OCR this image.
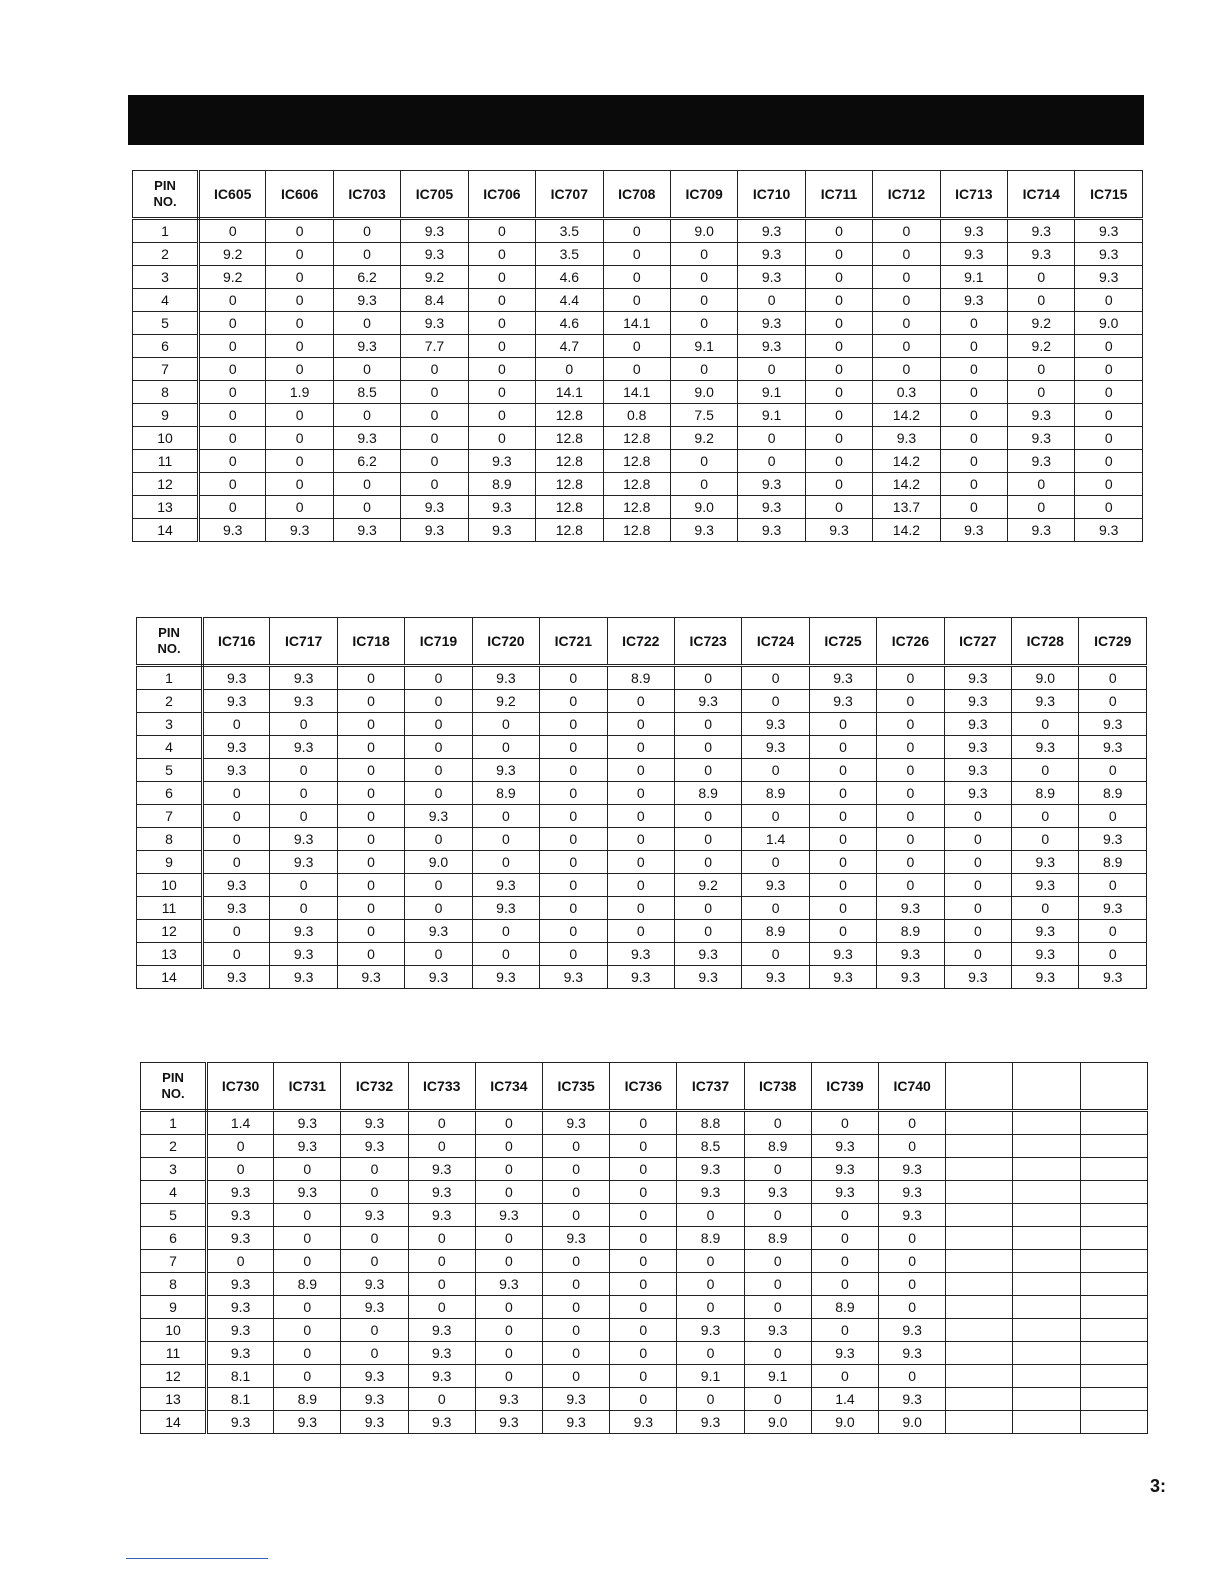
PIN
NO.	IC605	IC606	IC703	IC705	IC706	IC707	IC708	IC709	IC710	IC711	IC712	IC713	IC714	IC715
1	0	0	0	9.3	0	3.5	0	9.0	9.3	0	0	9.3	9.3	9.3
2	9.2	0	0	9.3	0	3.5	0	0	9.3	0	0	9.3	9.3	9.3
3	9.2	0	6.2	9.2	0	4.6	0	0	9.3	0	0	9.1	0	9.3
4	0	0	9.3	8.4	0	4.4	0	0	0	0	0	9.3	0	0
5	0	0	0	9.3	0	4.6	14.1	0	9.3	0	0	0	9.2	9.0
6	0	0	9.3	7.7	0	4.7	0	9.1	9.3	0	0	0	9.2	0
7	0	0	0	0	0	0	0	0	0	0	0	0	0	0
8	0	1.9	8.5	0	0	14.1	14.1	9.0	9.1	0	0.3	0	0	0
9	0	0	0	0	0	12.8	0.8	7.5	9.1	0	14.2	0	9.3	0
10	0	0	9.3	0	0	12.8	12.8	9.2	0	0	9.3	0	9.3	0
11	0	0	6.2	0	9.3	12.8	12.8	0	0	0	14.2	0	9.3	0
12	0	0	0	0	8.9	12.8	12.8	0	9.3	0	14.2	0	0	0
13	0	0	0	9.3	9.3	12.8	12.8	9.0	9.3	0	13.7	0	0	0
14	9.3	9.3	9.3	9.3	9.3	12.8	12.8	9.3	9.3	9.3	14.2	9.3	9.3	9.3
PIN
NO.	IC716	IC717	IC718	IC719	IC720	IC721	IC722	IC723	IC724	IC725	IC726	IC727	IC728	IC729
1	9.3	9.3	0	0	9.3	0	8.9	0	0	9.3	0	9.3	9.0	0
2	9.3	9.3	0	0	9.2	0	0	9.3	0	9.3	0	9.3	9.3	0
3	0	0	0	0	0	0	0	0	9.3	0	0	9.3	0	9.3
4	9.3	9.3	0	0	0	0	0	0	9.3	0	0	9.3	9.3	9.3
5	9.3	0	0	0	9.3	0	0	0	0	0	0	9.3	0	0
6	0	0	0	0	8.9	0	0	8.9	8.9	0	0	9.3	8.9	8.9
7	0	0	0	9.3	0	0	0	0	0	0	0	0	0	0
8	0	9.3	0	0	0	0	0	0	1.4	0	0	0	0	9.3
9	0	9.3	0	9.0	0	0	0	0	0	0	0	0	9.3	8.9
10	9.3	0	0	0	9.3	0	0	9.2	9.3	0	0	0	9.3	0
11	9.3	0	0	0	9.3	0	0	0	0	0	9.3	0	0	9.3
12	0	9.3	0	9.3	0	0	0	0	8.9	0	8.9	0	9.3	0
13	0	9.3	0	0	0	0	9.3	9.3	0	9.3	9.3	0	9.3	0
14	9.3	9.3	9.3	9.3	9.3	9.3	9.3	9.3	9.3	9.3	9.3	9.3	9.3	9.3
PIN
NO.	IC730	IC731	IC732	IC733	IC734	IC735	IC736	IC737	IC738	IC739	IC740			
1	1.4	9.3	9.3	0	0	9.3	0	8.8	0	0	0			
2	0	9.3	9.3	0	0	0	0	8.5	8.9	9.3	0			
3	0	0	0	9.3	0	0	0	9.3	0	9.3	9.3			
4	9.3	9.3	0	9.3	0	0	0	9.3	9.3	9.3	9.3			
5	9.3	0	9.3	9.3	9.3	0	0	0	0	0	9.3			
6	9.3	0	0	0	0	9.3	0	8.9	8.9	0	0			
7	0	0	0	0	0	0	0	0	0	0	0			
8	9.3	8.9	9.3	0	9.3	0	0	0	0	0	0			
9	9.3	0	9.3	0	0	0	0	0	0	8.9	0			
10	9.3	0	0	9.3	0	0	0	9.3	9.3	0	9.3			
11	9.3	0	0	9.3	0	0	0	0	0	9.3	9.3			
12	8.1	0	9.3	9.3	0	0	0	9.1	9.1	0	0			
13	8.1	8.9	9.3	0	9.3	9.3	0	0	0	1.4	9.3			
14	9.3	9.3	9.3	9.3	9.3	9.3	9.3	9.3	9.0	9.0	9.0			
3:
